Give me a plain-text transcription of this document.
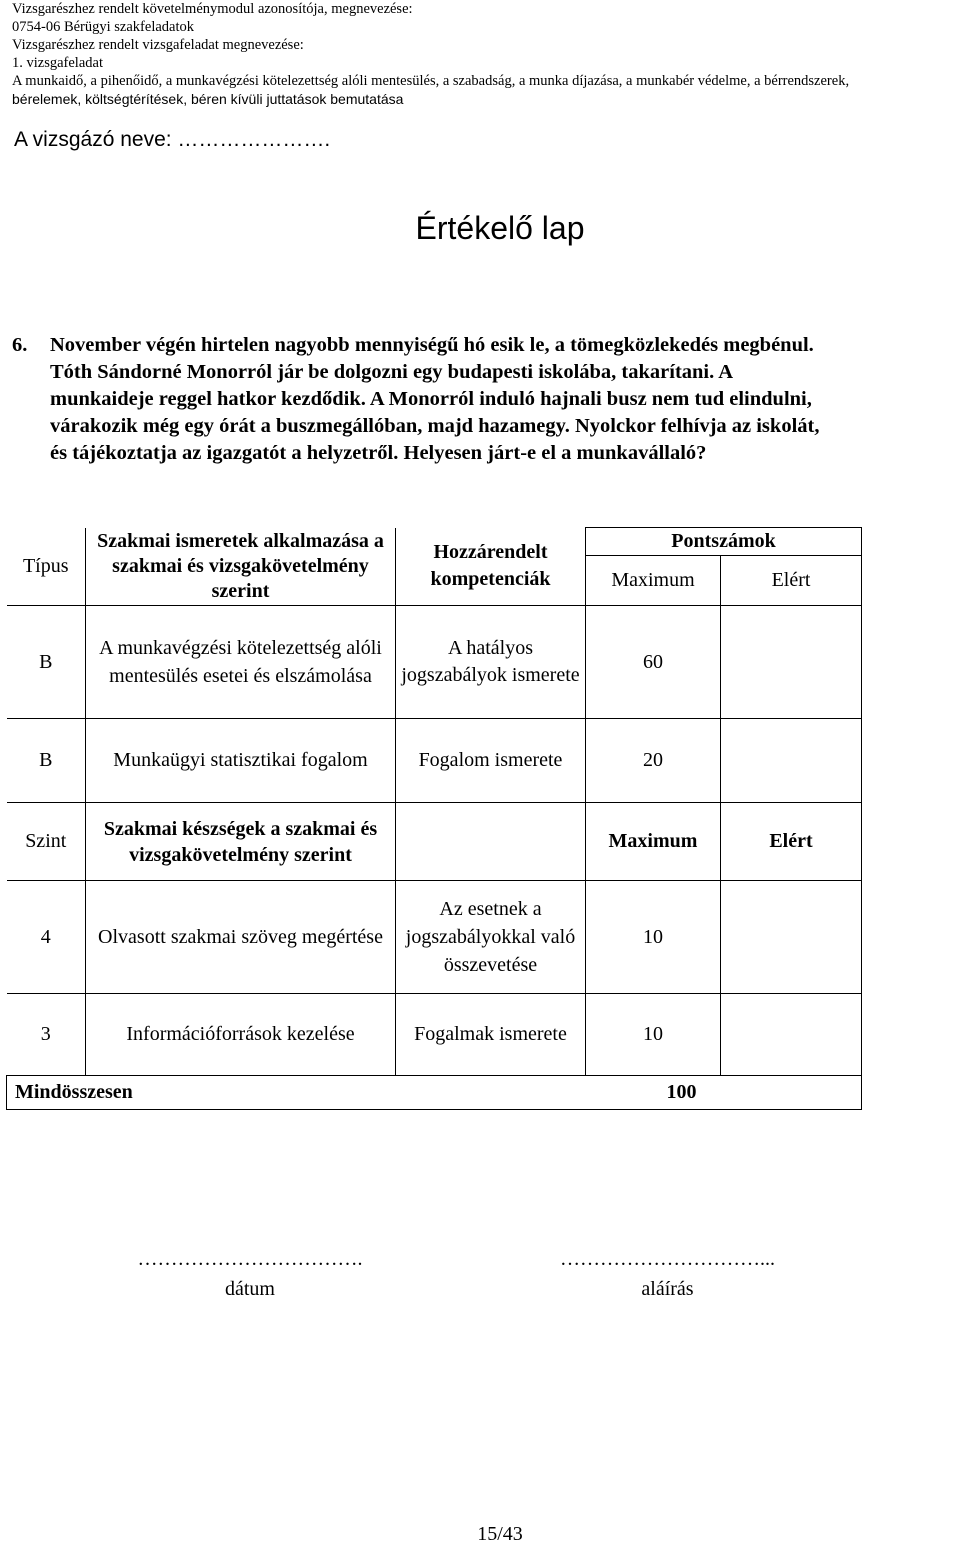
Vizsgarészhez rendelt követelménymodul azonosítója, megnevezése:
0754-06 Bérügyi szakfeladatok
Vizsgarészhez rendelt vizsgafeladat megnevezése:
1. vizsgafeladat
A munkaidő, a pihenőidő, a munkavégzési kötelezettség alóli mentesülés, a szabadság, a munka díjazása, a munkabér védelme, a bérrendszerek,
bérelemek, költségtérítések, béren kívüli juttatások bemutatása
A vizsgázó neve: ………………….
Értékelő lap
6. November végén hirtelen nagyobb mennyiségű hó esik le, a tömegközlekedés megbénul.
Tóth Sándorné Monorról jár be dolgozni egy budapesti iskolába, takarítani. A
munkaideje reggel hatkor kezdődik. A Monorról induló hajnali busz nem tud elindulni,
várakozik még egy órát a buszmegállóban, majd hazamegy. Nyolckor felhívja az iskolát,
és tájékoztatja az igazgatót a helyzetről. Helyesen járt-e el a munkavállaló?
Típus	Szakmai ismeretek alkalmazása a szakmai és vizsgakövetelmény szerint	Hozzárendelt kompetenciák	Pontszámok	
			Maximum	Elért
B	A munkavégzési kötelezettség alóli mentesülés esetei és elszámolása	A hatályos jogszabályok ismerete	60	
B	Munkaügyi statisztikai fogalom	Fogalom ismerete	20	
Szint	Szakmai készségek a szakmai és vizsgakövetelmény szerint		Maximum	Elért
4	Olvasott szakmai szöveg megértése	Az esetnek a jogszabályokkal való összevetése	10	
3	Információforrások kezelése	Fogalmak ismerete	10	
Mindösszesen			100	
…………………………….
dátum
…………………………...
aláírás
15/43
